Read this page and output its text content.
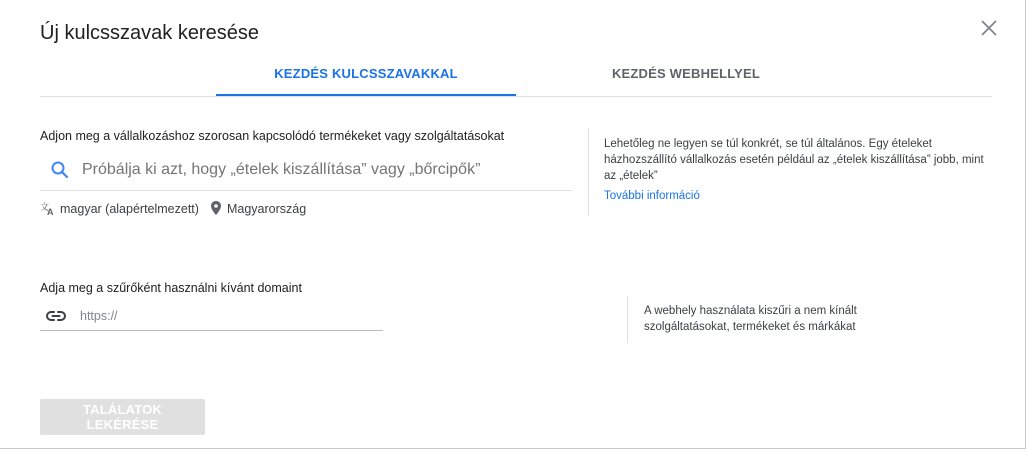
Új kulcsszavak keresése
KEZDÉS KULCSSZAVAKKAL	KEZDÉS WEBHELLYEL
Adjon meg a vállalkozáshoz szorosan kapcsolódó termékeket vagy szolgáltatásokat
Próbálja ki azt, hogy „ételek kiszállítása” vagy „bőrcipők”
文
A magyar (alapértelmezett) Magyarország
Lehetőleg ne legyen se túl konkrét, se túl általános. Egy ételeket házhozszállító vállalkozás esetén például az „ételek kiszállítása” jobb, mint az „ételek”
További információ
Adja meg a szűrőként használni kívánt domaint
https://
A webhely használata kiszűri a nem kínált szolgáltatásokat, termékeket és márkákat
TALÁLATOK LEKÉRÉSE
